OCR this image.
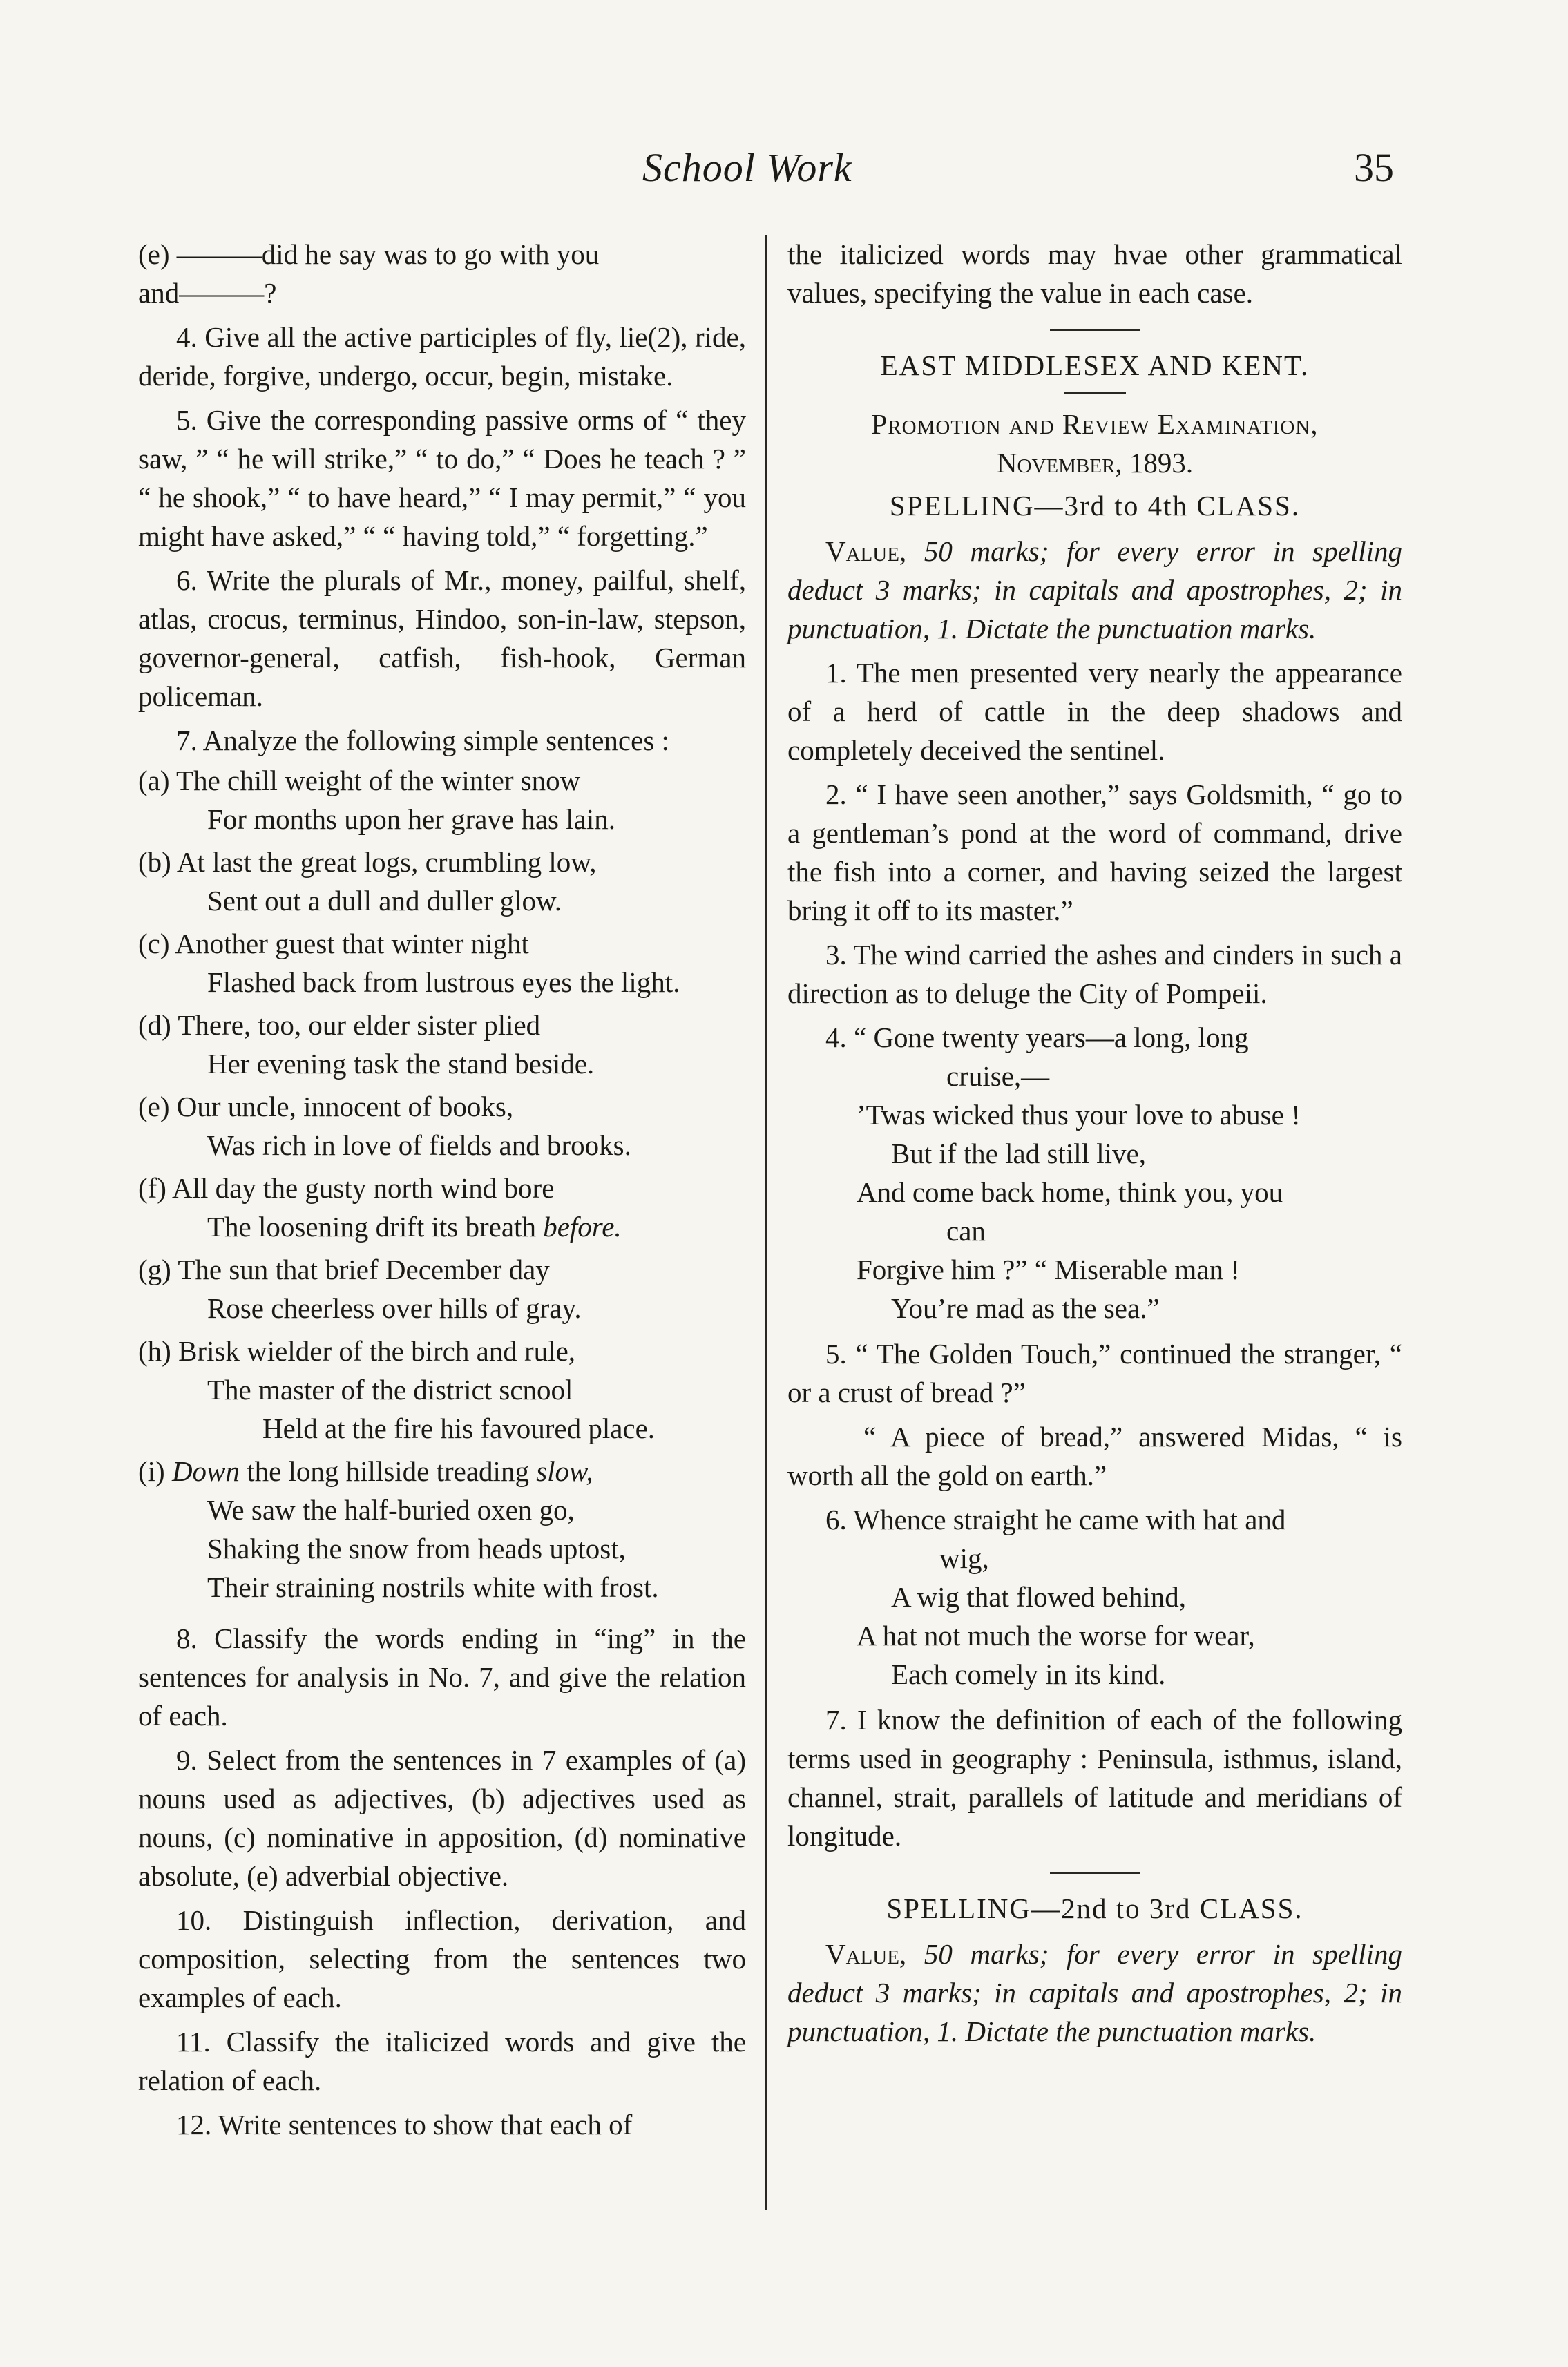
School Work	35

(e) ———did he say was to go with you
and———?

4. Give all the active participles of fly, lie(2), ride, deride, forgive, undergo, occur, begin, mistake.

5. Give the corresponding passive orms of “ they saw, ” “ he will strike,” “ to do,” “ Does he teach ? ” “ he shook,” “ to have heard,” “ I may permit,” “ you might have asked,” “ “ having told,” “ forgetting.”

6. Write the plurals of Mr., money, pailful, shelf, atlas, crocus, terminus, Hindoo, son-in-law, stepson, governor-general, catfish, fish-hook, German policeman.

7. Analyze the following simple sentences :

(a) The chill weight of the winter snow
For months upon her grave has lain.
(b) At last the great logs, crumbling low,
Sent out a dull and duller glow.
(c) Another guest that winter night
Flashed back from lustrous eyes the light.
(d) There, too, our elder sister plied
Her evening task the stand beside.
(e) Our uncle, innocent of books,
Was rich in love of fields and brooks.
(f) All day the gusty north wind bore
The loosening drift its breath before.
(g) The sun that brief December day
Rose cheerless over hills of gray.
(h) Brisk wielder of the birch and rule,
The master of the district scnool
Held at the fire his favoured place.
(i) Down the long hillside treading slow,
We saw the half-buried oxen go,
Shaking the snow from heads uptost,
Their straining nostrils white with frost.

8. Classify the words ending in “ing” in the sentences for analysis in No. 7, and give the relation of each.

9. Select from the sentences in 7 examples of (a) nouns used as adjectives, (b) adjectives used as nouns, (c) nominative in apposition, (d) nominative absolute, (e) adverbial objective.

10. Distinguish inflection, derivation, and composition, selecting from the sentences two examples of each.

11. Classify the italicized words and give the relation of each.

12. Write sentences to show that each of

the italicized words may hvae other grammatical values, specifying the value in each case.

EAST MIDDLESEX AND KENT.

Promotion and Review Examination,

November, 1893.

SPELLING—3rd to 4th CLASS.

Value, 50 marks; for every error in spelling deduct 3 marks; in capitals and apostrophes, 2; in punctuation, 1. Dictate the punctuation marks.

1. The men presented very nearly the appearance of a herd of cattle in the deep shadows and completely deceived the sentinel.

2. “ I have seen another,” says Goldsmith, “ go to a gentleman’s pond at the word of command, drive the fish into a corner, and having seized the largest bring it off to its master.”

3. The wind carried the ashes and cinders in such a direction as to deluge the City of Pompeii.

4. “ Gone twenty years—a long, long
cruise,—
’Twas wicked thus your love to abuse !
But if the lad still live,
And come back home, think you, you
can
Forgive him ?” “ Miserable man !
You’re mad as the sea.”

5. “ The Golden Touch,” continued the stranger, “ or a crust of bread ?”

“ A piece of bread,” answered Midas, “ is worth all the gold on earth.”

6. Whence straight he came with hat and
wig,
A wig that flowed behind,
A hat not much the worse for wear,
Each comely in its kind.

7. I know the definition of each of the following terms used in geography : Peninsula, isthmus, island, channel, strait, parallels of latitude and meridians of longitude.

SPELLING—2nd to 3rd CLASS.

Value, 50 marks; for every error in spelling deduct 3 marks; in capitals and apostrophes, 2; in punctuation, 1. Dictate the punctuation marks.
